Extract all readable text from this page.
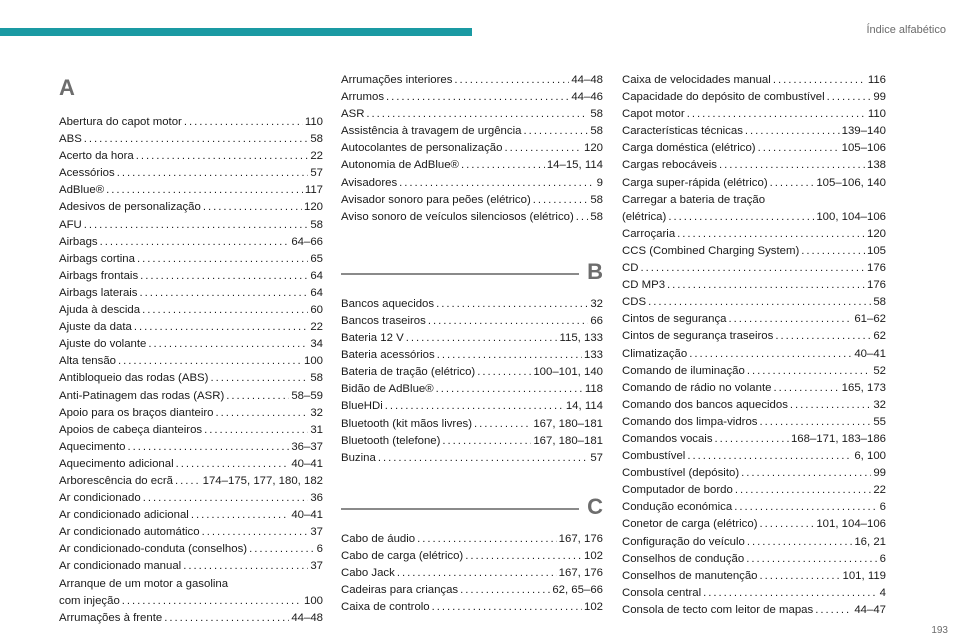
Índice alfabético
A
Abertura do capot motor . . .	110
ABS . . .	58
Acerto da hora . . .	22
Acessórios . . .	57
AdBlue® . . .	117
Adesivos de personalização . . .	120
AFU . . .	58
Airbags . . .	64–66
Airbags cortina . . .	65
Airbags frontais . . .	64
Airbags laterais . . .	64
Ajuda à descida . . .	60
Ajuste da data . . .	22
Ajuste do volante . . .	34
Alta tensão . . .	100
Antibloqueio das rodas (ABS) . . .	58
Anti-Patinagem das rodas (ASR) . . .	58–59
Apoio para os braços dianteiro . . .	32
Apoios de cabeça dianteiros . . .	31
Aquecimento . . .	36–37
Aquecimento adicional . . .	40–41
Arborescência do ecrã . . .	174–175, 177, 180, 182
Ar condicionado . . .	36
Ar condicionado adicional . . .	40–41
Ar condicionado automático . . .	37
Ar condicionado-conduta (conselhos) . . .	6
Ar condicionado manual . . .	37
Arranque de um motor a gasolina
com injeção . . .	100
Arrumações à frente . . .	44–48
Arrumações interiores . . .	44–48
Arrumos . . .	44–46
ASR . . .	58
Assistência à travagem de urgência . . .	58
Autocolantes de personalização . . .	120
Autonomia de AdBlue® . . .	14–15, 114
Avisadores . . .	9
Avisador sonoro para peões (elétrico) . . .	58
Aviso sonoro de veículos silenciosos (elétrico) . . . 58
B
Bancos aquecidos . . .	32
Bancos traseiros . . .	66
Bateria 12 V . . .	115, 133
Bateria acessórios . . .	133
Bateria de tração (elétrico) . . .	100–101, 140
Bidão de AdBlue® . . .	118
BlueHDi . . .	14, 114
Bluetooth (kit mãos livres) . . .	167, 180–181
Bluetooth (telefone) . . .	167, 180–181
Buzina . . .	57
C
Cabo de áudio . . .	167, 176
Cabo de carga (elétrico) . . .	102
Cabo Jack . . .	167, 176
Cadeiras para crianças . . .	62, 65–66
Caixa de controlo . . .	102
Caixa de velocidades manual . . .	116
Capacidade do depósito de combustível . . .	99
Capot motor . . .	110
Características técnicas . . .	139–140
Carga doméstica (elétrico) . . .	105–106
Cargas rebocáveis . . .	138
Carga super-rápida (elétrico) . . .	105–106, 140
Carregar a bateria de tração
(elétrica) . . .	100, 104–106
Carroçaria . . .	120
CCS (Combined Charging System) . . .	105
CD . . .	176
CD MP3 . . .	176
CDS . . .	58
Cintos de segurança . . .	61–62
Cintos de segurança traseiros . . .	62
Climatização . . .	40–41
Comando de iluminação . . .	52
Comando de rádio no volante . . .	165, 173
Comando dos bancos aquecidos . . .	32
Comando dos limpa-vidros . . .	55
Comandos vocais . . .	168–171, 183–186
Combustível . . .	6, 100
Combustível (depósito) . . .	99
Computador de bordo . . .	22
Condução económica . . .	6
Conetor de carga (elétrico) . . .	101, 104–106
Configuração do veículo . . .	16, 21
Conselhos de condução . . .	6
Conselhos de manutenção . . .	101, 119
Consola central . . .	4
Consola de tecto com leitor de mapas . . .	44–47
193
